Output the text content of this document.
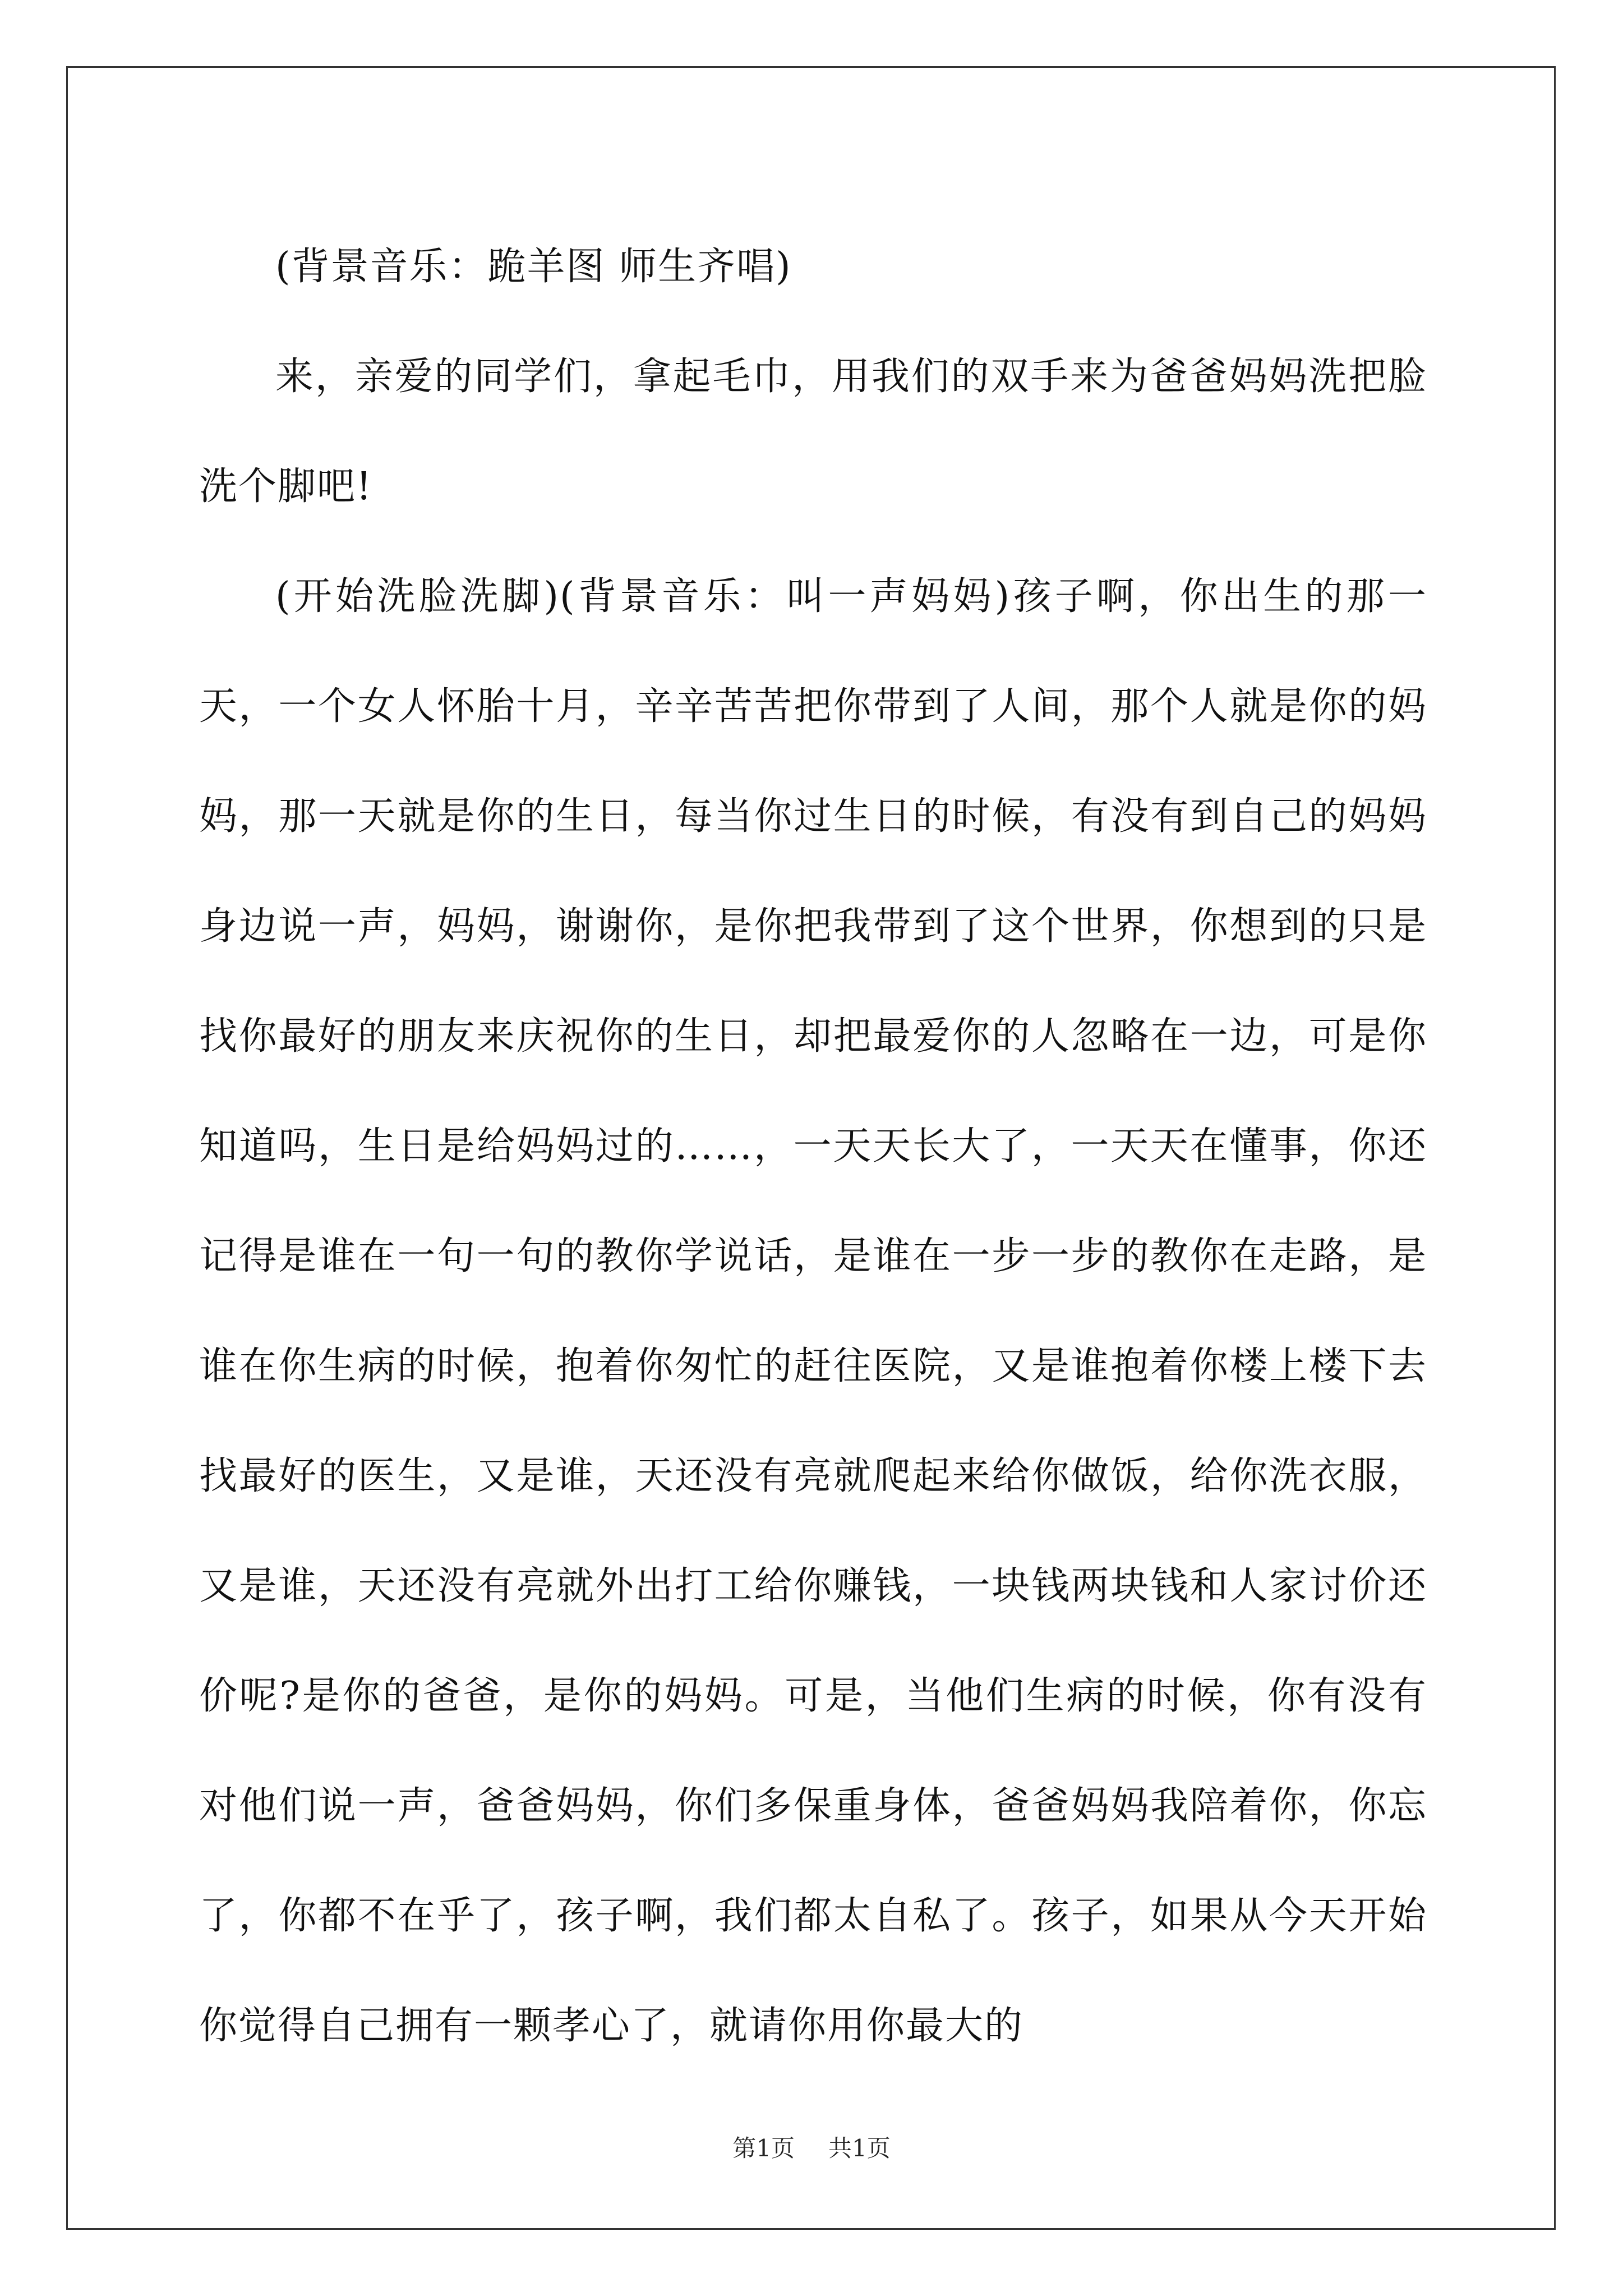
(背景音乐：跪羊图 师生齐唱)

来，亲爱的同学们，拿起毛巾，用我们的双手来为爸爸妈妈洗把脸洗个脚吧!

(开始洗脸洗脚)(背景音乐：叫一声妈妈)孩子啊，你出生的那一天，一个女人怀胎十月，辛辛苦苦把你带到了人间，那个人就是你的妈妈，那一天就是你的生日，每当你过生日的时候，有没有到自己的妈妈身边说一声，妈妈，谢谢你，是你把我带到了这个世界，你想到的只是找你最好的朋友来庆祝你的生日，却把最爱你的人忽略在一边，可是你知道吗，生日是给妈妈过的……，一天天长大了，一天天在懂事，你还记得是谁在一句一句的教你学说话，是谁在一步一步的教你在走路，是谁在你生病的时候，抱着你匆忙的赶往医院，又是谁抱着你楼上楼下去找最好的医生，又是谁，天还没有亮就爬起来给你做饭，给你洗衣服，又是谁，天还没有亮就外出打工给你赚钱，一块钱两块钱和人家讨价还价呢?是你的爸爸，是你的妈妈。可是，当他们生病的时候，你有没有对他们说一声，爸爸妈妈，你们多保重身体，爸爸妈妈我陪着你，你忘了，你都不在乎了，孩子啊，我们都太自私了。孩子，如果从今天开始你觉得自己拥有一颗孝心了，就请你用你最大的

第1页 共1页
